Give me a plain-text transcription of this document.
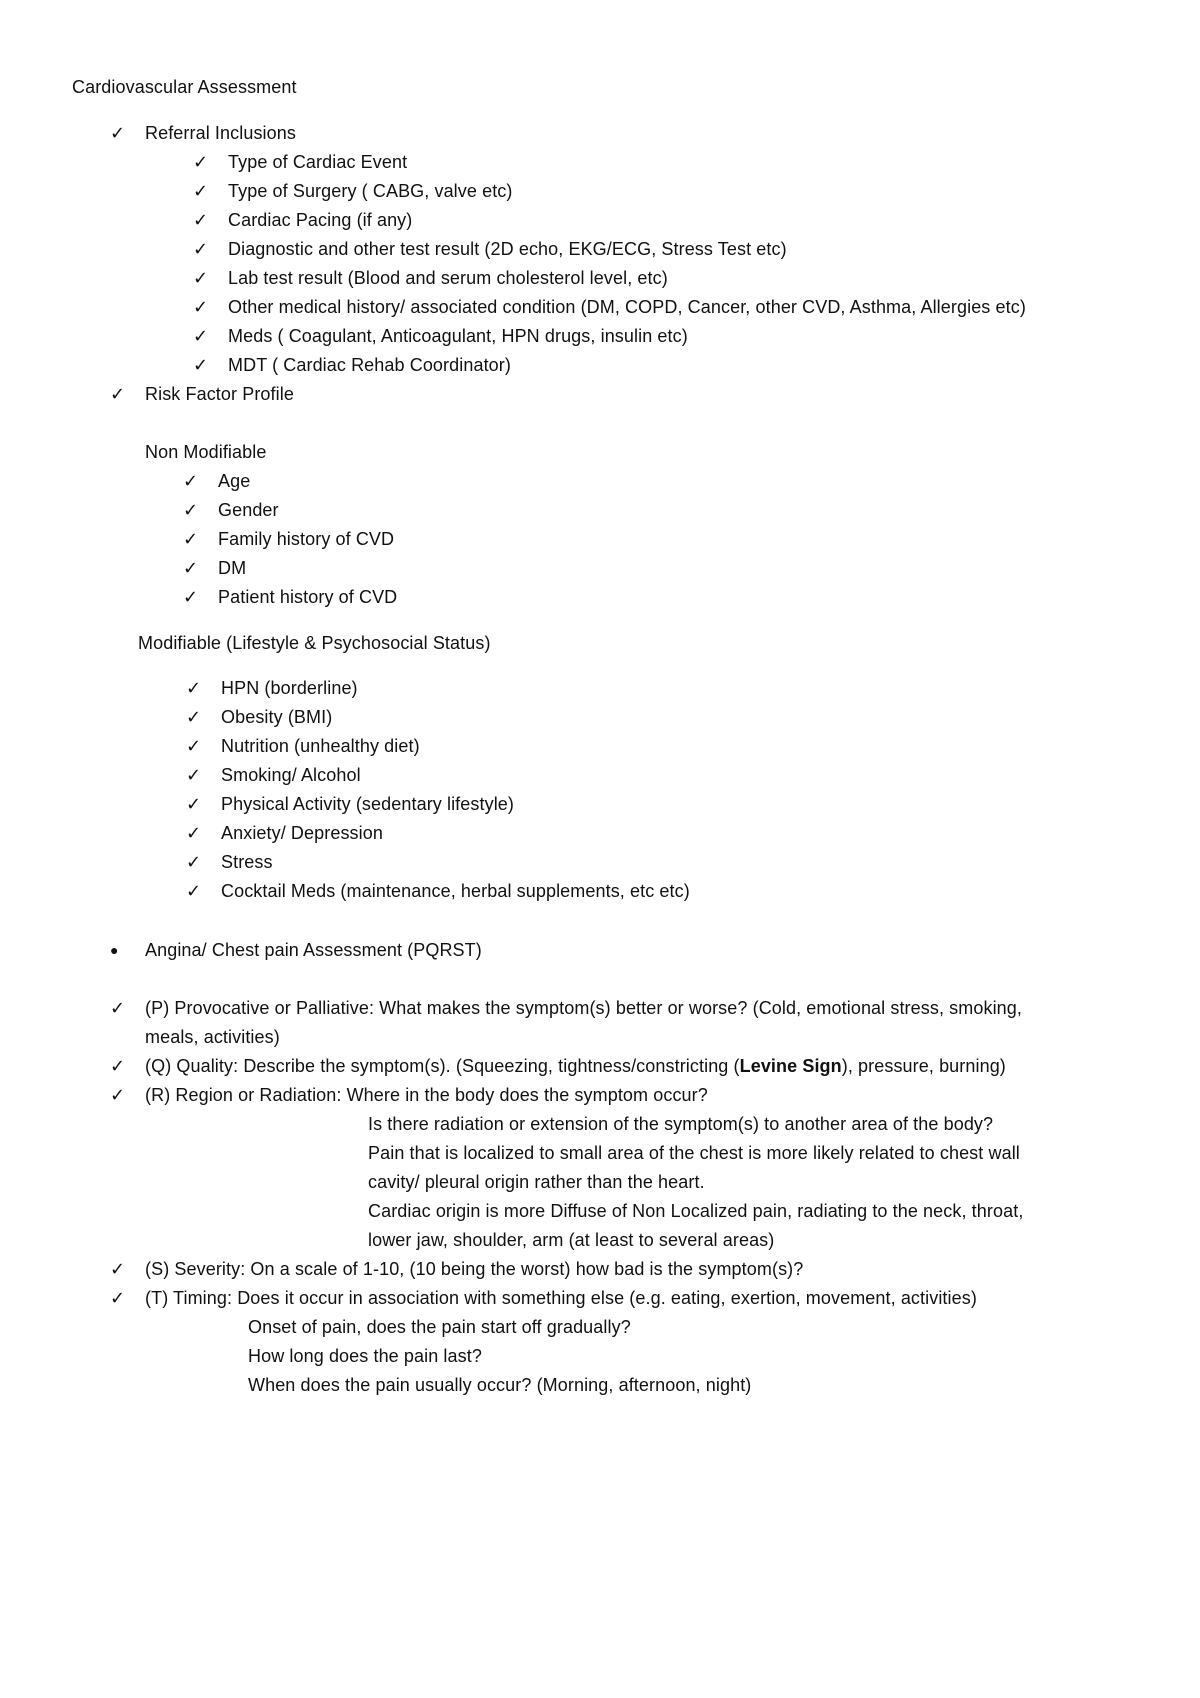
Cardiovascular Assessment
✓ Referral Inclusions
✓ Type of Cardiac Event
✓ Type of Surgery ( CABG, valve etc)
✓ Cardiac Pacing (if any)
✓ Diagnostic and other test result (2D echo, EKG/ECG, Stress Test etc)
✓ Lab test result (Blood and serum cholesterol level, etc)
✓ Other medical history/ associated condition (DM, COPD, Cancer, other CVD, Asthma, Allergies etc)
✓ Meds ( Coagulant, Anticoagulant, HPN drugs, insulin etc)
✓ MDT ( Cardiac Rehab Coordinator)
✓ Risk Factor Profile
Non Modifiable
✓ Age
✓ Gender
✓ Family history of CVD
✓ DM
✓ Patient history of CVD
Modifiable (Lifestyle & Psychosocial Status)
✓ HPN (borderline)
✓ Obesity (BMI)
✓ Nutrition (unhealthy diet)
✓ Smoking/ Alcohol
✓ Physical Activity (sedentary lifestyle)
✓ Anxiety/ Depression
✓ Stress
✓ Cocktail Meds (maintenance, herbal supplements, etc etc)
● Angina/ Chest pain Assessment (PQRST)
✓ (P) Provocative or Palliative: What makes the symptom(s) better or worse? (Cold, emotional stress, smoking,
meals, activities)
✓ (Q) Quality: Describe the symptom(s). (Squeezing, tightness/constricting (Levine Sign), pressure, burning)
✓ (R) Region or Radiation: Where in the body does the symptom occur?
Is there radiation or extension of the symptom(s) to another area of the body?
Pain that is localized to small area of the chest is more likely related to chest wall
cavity/ pleural origin rather than the heart.
Cardiac origin is more Diffuse of Non Localized pain, radiating to the neck, throat,
lower jaw, shoulder, arm (at least to several areas)
✓ (S) Severity: On a scale of 1-10, (10 being the worst) how bad is the symptom(s)?
✓ (T) Timing: Does it occur in association with something else (e.g. eating, exertion, movement, activities)
Onset of pain, does the pain start off gradually?
How long does the pain last?
When does the pain usually occur? (Morning, afternoon, night)
